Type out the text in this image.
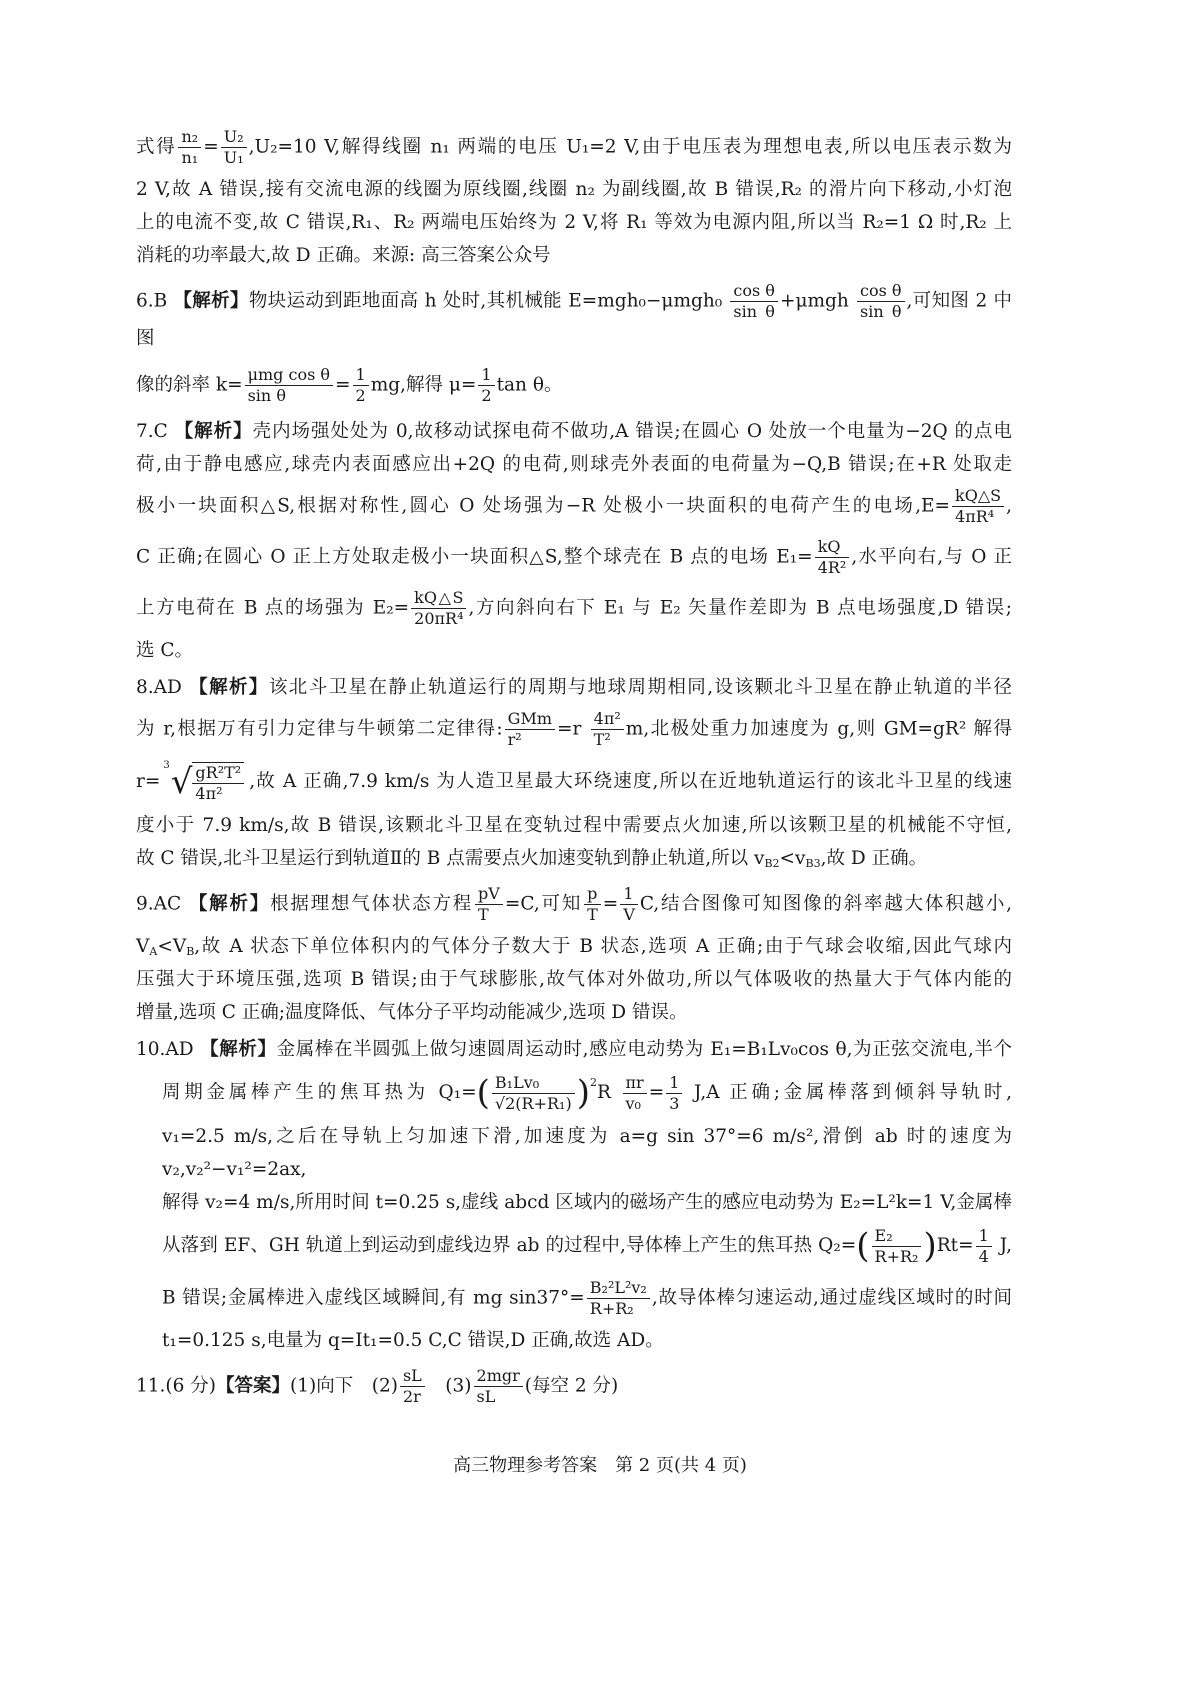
式得 $\frac{\text{n₂}}{\text{n₁}} = \frac{\text{U₂}}{\text{U₁}} ,U_2=10$ V,解得线圈 n₁ 两端的电压 U₁=2 V,由于电压表为理想电表,所以电压表示数为
2 V,故 A 错误,接有交流电源的线圈为原线圈,线圈 n₂ 为副线圈,故 B 错误,R₂ 的滑片向下移动,小灯泡
上的电流不变,故 C 错误,R₁、R₂ 两端电压始终为 2 V,将 R₁ 等效为电源内阻,所以当 R₂=1 Ω 时,R₂ 上
消耗的功率最大,故 D 正确。来源: 高三答案公众号
6.B 【解析】物块运动到距地面高 h 处时,其机械能 $E=mgh_0-\mu mgh_0 \frac{\text{cos θ}}{\text{sin θ}} +\mu mgh \frac{\text{cos θ}}{\text{sin θ}}$ ,可知图 2 中图
像的斜率 $k= \frac{\text{μmg cos θ}}{\text{sin θ}} = \frac{1}{2}$ mg,解得 $\mu= \frac{1}{2}$ tan θ。
7.C 【解析】壳内场强处处为 0,故移动试探电荷不做功,A 错误;在圆心 O 处放一个电量为−2Q 的点电
荷,由于静电感应,球壳内表面感应出+2Q 的电荷,则球壳外表面的电荷量为−Q,B 错误;在+R 处取走
极小一块面积△S,根据对称性,圆心 O 处场强为−R 处极小一块面积的电荷产生的电场$,E= \frac{kQ\triangle S}{\text{4πR⁴}}$ ,
C 正确;在圆心 O 正上方处取走极小一块面积△S,整个球壳在 B 点的电场 $E_1= \frac{kQ}{\text{4R²}}$ ,水平向右,与 O 正
上方电荷在 B 点的场强为 $E_2= \frac{kQ\triangle S}{\text{20πR⁴}}$ ,方向斜向右下 E₁ 与 E₂ 矢量作差即为 B 点电场强度,D 错误;
选 C。
8.AD 【解析】该北斗卫星在静止轨道运行的周期与地球周期相同,设该颗北斗卫星在静止轨道的半径
为 r,根据万有引力定律与牛顿第二定律得: $\frac{\text{GMm}}{\text{r²}} =r \frac{\text{4π²}}{\text{T²}} m$,北极处重力加速度为 g,则 GM=gR² 解得
r=
3 √ $\frac{\text{gR²T²}}{\text{4π²}}$ ,故 A 正确,7.9 km/s 为人造卫星最大环绕速度,所以在近地轨道运行的该北斗卫星的线速
度小于 7.9 km/s,故 B 错误,该颗北斗卫星在变轨过程中需要点火加速,所以该颗卫星的机械能不守恒,
故 C 错误,北斗卫星运行到轨道Ⅱ的 B 点需要点火加速变轨到静止轨道,所以 $v_{B2}<v_{B3}$,故 D 正确。
9.AC 【解析】根据理想气体状态方程 $\frac{pV}{T} =C$,可知 $\frac{p}{T} = \frac{1}{V} C$,结合图像可知图像的斜率越大体积越小,
$V_A<V_B$,故 A 状态下单位体积内的气体分子数大于 B 状态,选项 A 正确;由于气球会收缩,因此气球内
压强大于环境压强,选项 B 错误;由于气球膨胀,故气体对外做功,所以气体吸收的热量大于气体内能的
增量,选项 C 正确;温度降低、气体分子平均动能减少,选项 D 错误。
10.AD 【解析】金属棒在半圆弧上做匀速圆周运动时,感应电动势为 E₁=B₁Lv₀cos θ,为正弦交流电,半个
周期金属棒产生的焦耳热为 $Q_1=( \frac{\text{B₁Lv₀}}{\text{√2(R+R₁)}} )^2R \frac{\pi r}{\text{v₀}} = \frac{1}{3} J,A$ 正确;金属棒落到倾斜导轨时,
v₁=2.5 m/s,之后在导轨上匀加速下滑,加速度为 a=g sin 37°=6 m/s²,滑倒 ab 时的速度为 v₂,v₂²−v₁²=2ax,
解得 v₂=4 m/s,所用时间 t=0.25 s,虚线 abcd 区域内的磁场产生的感应电动势为 E₂=L²k=1 V,金属棒
从落到 EF、GH 轨道上到运动到虚线边界 ab 的过程中,导体棒上产生的焦耳热 $Q_2=( \frac{\text{E₂}}{\text{R+R₂}} )Rt= \frac{1}{4} J$,
B 错误;金属棒进入虚线区域瞬间,有 mg $\sin 37^\circ= \frac{\text{B₂²L²v₂}}{\text{R+R₂}}$ ,故导体棒匀速运动,通过虚线区域时的时间
t₁=0.125 s,电量为 q=It₁=0.5 C,C 错误,D 正确,故选 AD。
11.(6 分)【答案】(1)向下　$(2) \frac{sL}{2r}$ 　$(3) \frac{\text{2mgr}}{sL}$ (每空 2 分)
高三物理参考答案　第 2 页(共 4 页)
